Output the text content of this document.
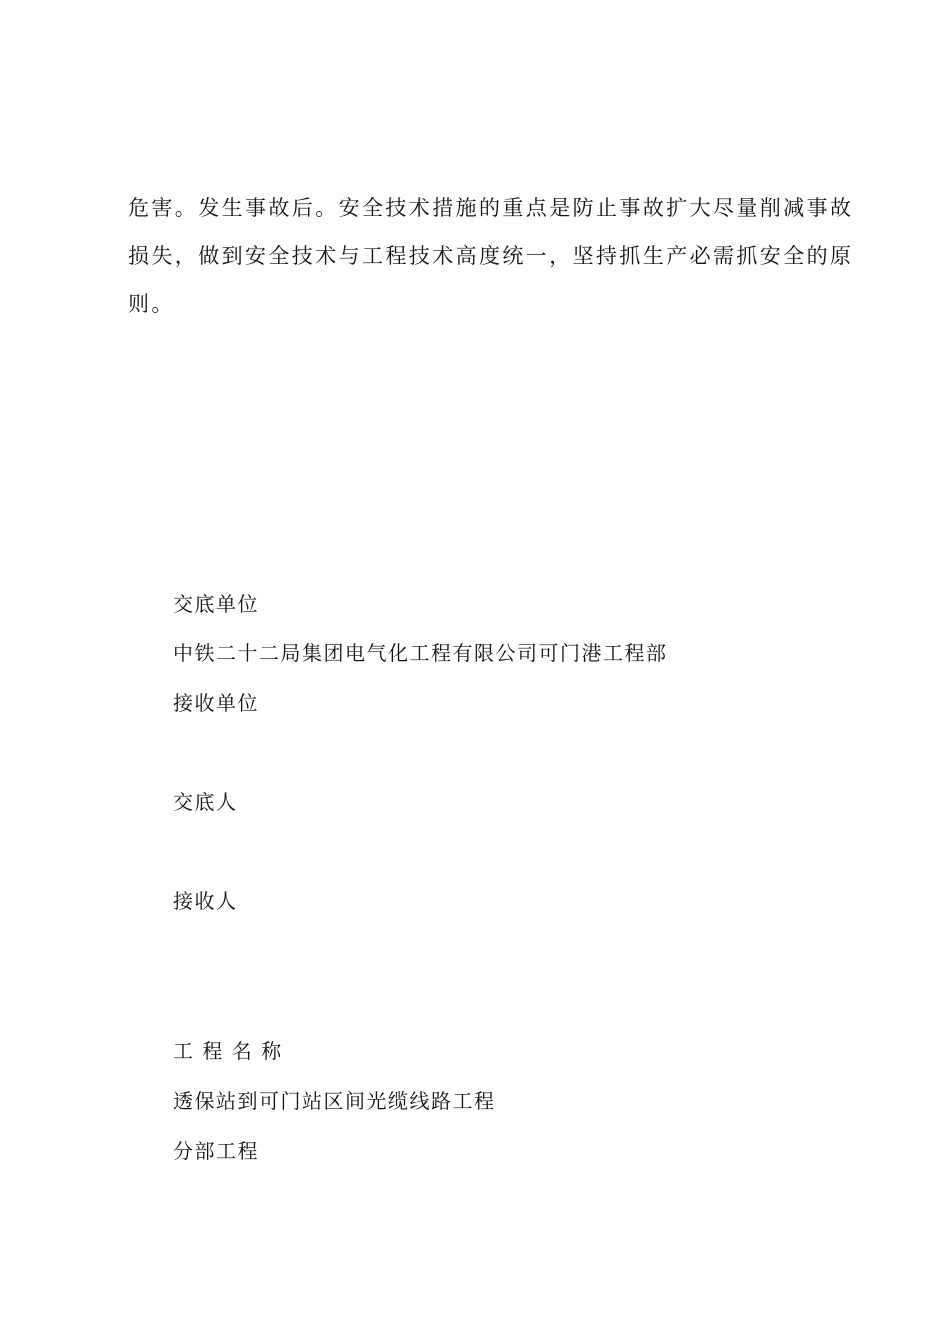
危害。发生事故后。安全技术措施的重点是防止事故扩大尽量削减事故
损失，做到安全技术与工程技术高度统一，坚持抓生产必需抓安全的原
则。
交底单位
中铁二十二局集团电气化工程有限公司可门港工程部
接收单位
交底人
接收人
工 程 名 称
透保站到可门站区间光缆线路工程
分部工程
